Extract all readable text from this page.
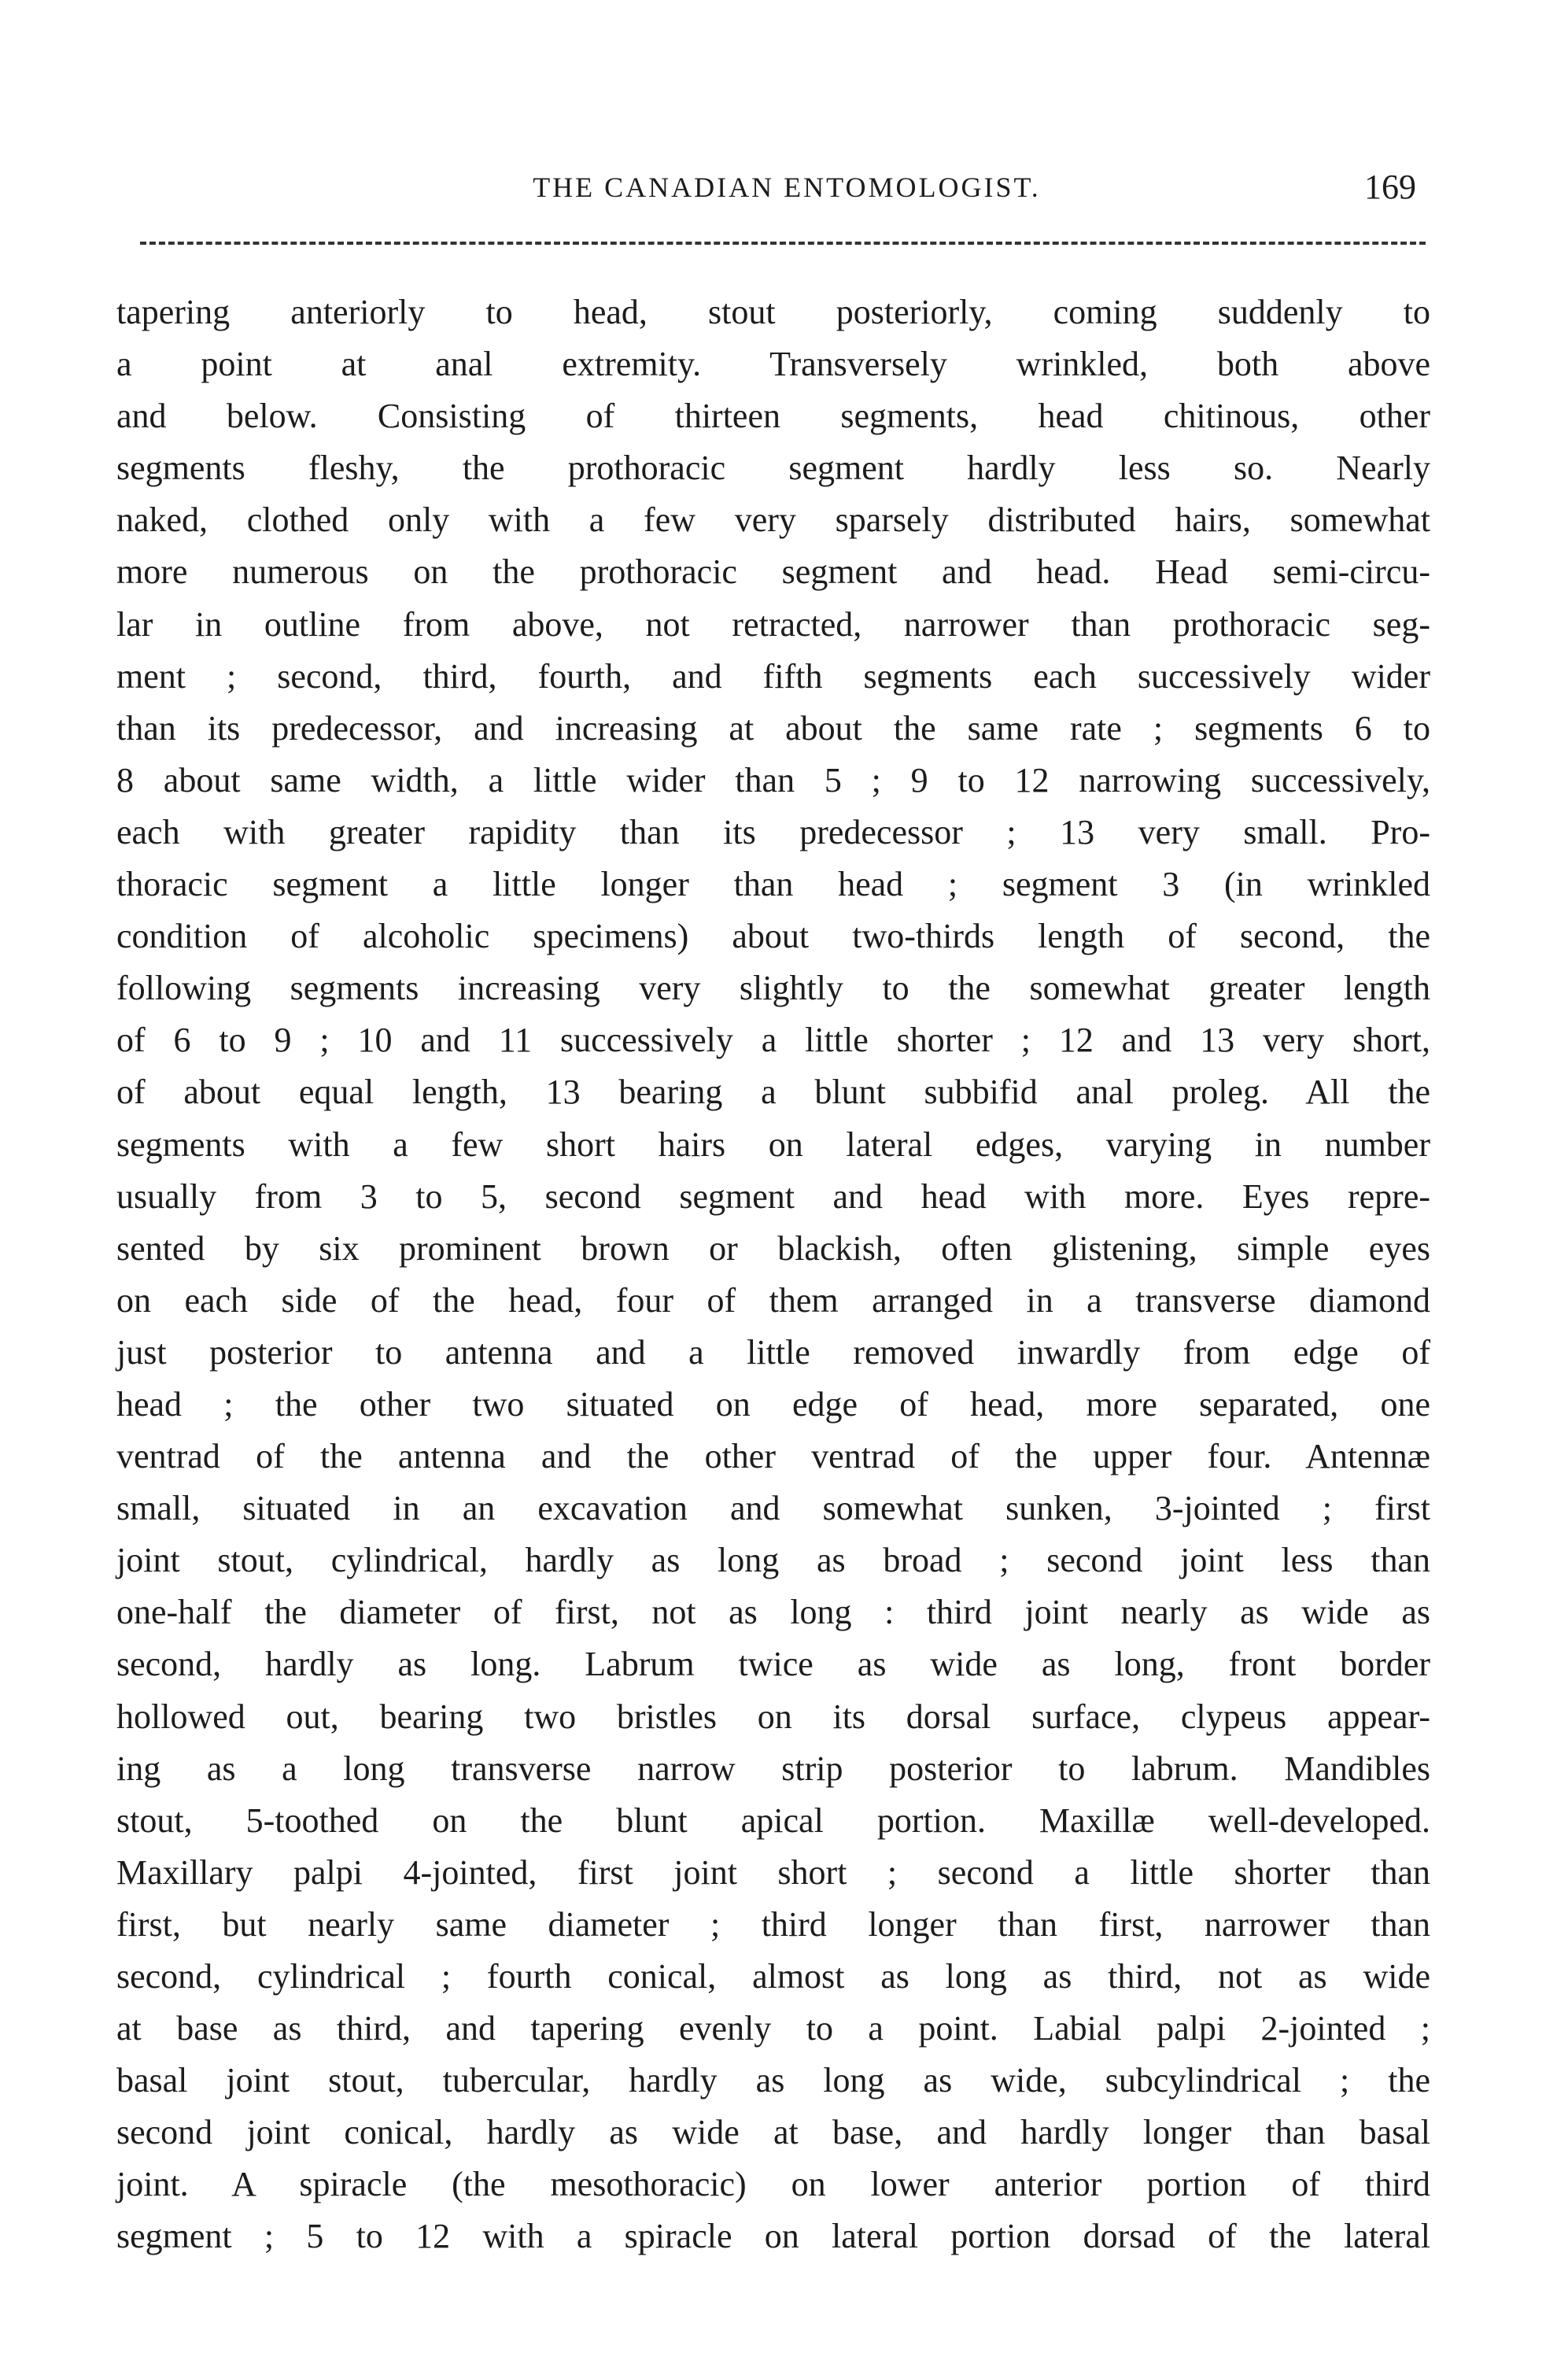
THE CANADIAN ENTOMOLOGIST.	169
tapering anteriorly to head, stout posteriorly, coming suddenly to
a point at anal extremity. Transversely wrinkled, both above
and below. Consisting of thirteen segments, head chitinous, other
segments fleshy, the prothoracic segment hardly less so. Nearly
naked, clothed only with a few very sparsely distributed hairs, somewhat
more numerous on the prothoracic segment and head. Head semi-circu-
lar in outline from above, not retracted, narrower than prothoracic seg-
ment ; second, third, fourth, and fifth segments each successively wider
than its predecessor, and increasing at about the same rate ; segments 6 to
8 about same width, a little wider than 5 ; 9 to 12 narrowing successively,
each with greater rapidity than its predecessor ; 13 very small. Pro-
thoracic segment a little longer than head ; segment 3 (in wrinkled
condition of alcoholic specimens) about two-thirds length of second, the
following segments increasing very slightly to the somewhat greater length
of 6 to 9 ; 10 and 11 successively a little shorter ; 12 and 13 very short,
of about equal length, 13 bearing a blunt subbifid anal proleg. All the
segments with a few short hairs on lateral edges, varying in number
usually from 3 to 5, second segment and head with more. Eyes repre-
sented by six prominent brown or blackish, often glistening, simple eyes
on each side of the head, four of them arranged in a transverse diamond
just posterior to antenna and a little removed inwardly from edge of
head ; the other two situated on edge of head, more separated, one
ventrad of the antenna and the other ventrad of the upper four. Antennæ
small, situated in an excavation and somewhat sunken, 3-jointed ; first
joint stout, cylindrical, hardly as long as broad ; second joint less than
one-half the diameter of first, not as long : third joint nearly as wide as
second, hardly as long. Labrum twice as wide as long, front border
hollowed out, bearing two bristles on its dorsal surface, clypeus appear-
ing as a long transverse narrow strip posterior to labrum. Mandibles
stout, 5-toothed on the blunt apical portion. Maxillæ well-developed.
Maxillary palpi 4-jointed, first joint short ; second a little shorter than
first, but nearly same diameter ; third longer than first, narrower than
second, cylindrical ; fourth conical, almost as long as third, not as wide
at base as third, and tapering evenly to a point. Labial palpi 2-jointed ;
basal joint stout, tubercular, hardly as long as wide, subcylindrical ; the
second joint conical, hardly as wide at base, and hardly longer than basal
joint. A spiracle (the mesothoracic) on lower anterior portion of third
segment ; 5 to 12 with a spiracle on lateral portion dorsad of the lateral
